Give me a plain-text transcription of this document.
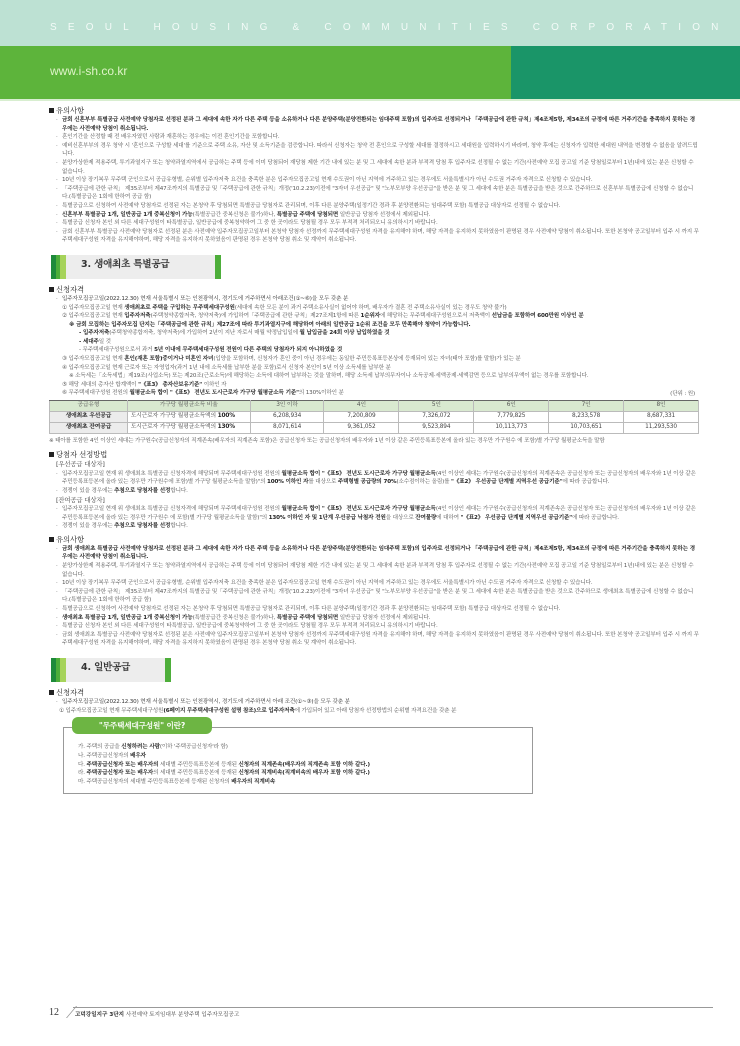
SEOUL HOUSING & COMMUNITIES CORPORATION
www.i-sh.co.kr
유의사항
· 금회 신혼부부 특별공급 사전예약 당첨자로 선정된 분과 그 세대에 속한 자가 다른 주택 등을 소유하거나 다른 분양주택(분양전환되는 임대주택 포함)의 입주자로 선정되거나 「주택공급에 관한 규칙」제4조제5항, 제34조의 규정에 따른 거주기간을 충족하지 못하는 경우에는 사전예약 당첨이 취소됩니다.
· 혼인기간을 산정할 때 전 배우자였던 사람과 재혼하는 경우에는 이전 혼인기간을 포함합니다.
· 예비신혼부부의 경우 청약 시 '혼인으로 구성할 세대'를 기준으로 주택 소유, 자산 및 소득기준을 검증합니다. 따라서 신청자는 청약 전 혼인으로 구성할 세대를 결정하시고 세대원을 입력하시기 바라며, 청약 후에는 신청자가 입력한 세대원 내역을 변경할 수 없음을 알려드립니다.
· 분양가상한제 적용주택, 투기과열지구 또는 청약과열지역에서 공급하는 주택 등에 이미 당첨되어 재당첨 제한 기간 내에 있는 분 및 그 세대에 속한 분과 부적격 당첨 후 입주자로 선정될 수 없는 기간(사전예약 모집 공고일 기준 당첨일로부터 1년)내에 있는 분은 신청할 수 없습니다.
· 10년 이상 장기복무 무주택 군인으로서 공급유형별, 순위별 입주자저축 요건을 충족한 분은 입주자모집공고일 현재 수도권이 아닌 지역에 거주하고 있는 경우에도 서울특별시가 아닌 수도권 거주자 자격으로 신청할 수 있습니다.
· 「주택공급에 관한 규칙」 제35조부터 제47조까지의 특별공급 및「주택공급에 관한 규칙」개정('10.2.23)이전에 "3자녀 우선공급" 및 "노부모부양 우선공급"을 받은 분 및 그 세대에 속한 분은 특별공급을 받은 것으로 간주하므로 신혼부부 특별공급에 신청할 수 없습니다.(특별공급은 1회에 한하여 공급 함)
· 특별공급으로 신청하여 사전예약 당첨자로 선정된 자는 본청약 후 당첨되면 특별공급 당첨자로 관리되며, 이후 다른 분양주택(일정기간 경과 후 분양전환되는 임대주택 포함) 특별공급 대상자로 선정될 수 없습니다.
· 신혼부부 특별공급 1개, 일반공급 1개 중복신청이 가능(특별공급간 중복신청은 불가)하나, 특별공급 주택에 당첨되면 일반공급 당첨자 선정에서 제외됩니다.
· 특별공급 신청자 본인 외 다른 세대구성원이 타특별공급, 일반공급에 중복청약하여 그 중 한 곳이라도 당첨될 경우 모두 부적격 처리되오니 유의하시기 바랍니다.
· 금회 신혼부부 특별공급 사전예약 당첨자로 선정된 분은 사전예약 입주자모집공고일부터 본청약 당첨자 선정까지 무주택세대구성원 자격을 유지해야 하며, 해당 자격을 유지하지 못하였음이 판명된 경우 사전예약 당첨이 취소됩니다. 또한 본청약 공고일부터 입주 시 까지 무주택세대구성원 자격을 유지해야하며, 해당 자격을 유지하지 못하였음이 판명된 경우 본청약 당첨 취소 및 계약이 취소됩니다.
3. 생애최초 특별공급
신청자격
· 입주자모집공고일(2022.12.30) 현재 서울특별시 또는 인천광역시, 경기도에 거주하면서 아래조건(①~⑥)을 모두 갖춘 분
① 입주자모집공고일 현재 생애최초로 주택을 구입하는 무주택세대구성원(세대에 속한 모든 분이 과거 주택소유사실이 없어야 하며, 배우자가 결혼 전 주택소유사실이 있는 경우도 청약 불가)
② 입주자모집공고일 현재 입주자저축(주택청약종합저축, 청약저축)에 가입하여「주택공급에 관한 규칙」제27조제1항에 따른 1순위자에 해당하는 무주택세대구성원으로서 저축액이 선납금을 포함하여 600만원 이상인 분
※ 금회 모집하는 입주자모집 단지는「주택공급에 관한 규칙」제27조에 따라 투기과열지구에 해당하여 아래의 일반공급 1순위 조건을 모두 만족해야 청약이 가능합니다.
- 입주자저축(주택청약종합저축, 청약저축)에 가입하여 2년이 지난 자로서 매월 약정납입일에 월 납입금을 24회 이상 납입하였을 것
- 세대주일 것
- 무주택세대구성원으로서 과거 5년 이내에 무주택세대구성원 전원이 다른 주택의 당첨자가 되지 아니하였을 것
③ 입주자모집공고일 현재 혼인(재혼 포함)중이거나 미혼인 자녀(입양을 포함하며, 신청자가 혼인 중이 아닌 경우에는 동일한 주민등록표등본상에 등재되어 있는 자녀(태아 포함)를 말함)가 있는 분
④ 입주자모집공고일 현재 근로자 또는 자영업자(과거 1년 내에 소득세를 납부한 분을 포함)로서 신청자 본인이 5년 이상 소득세를 납부한 분
※ 소득세는「소득세법」제19조(사업소득) 또는 제20조(근로소득)에 해당하는 소득에 대하여 납부하는 것을 말하며, 해당 소득세 납부의무자이나 소득공제·세액공제·세액감면 등으로 납부의무액이 없는 경우를 포함합니다.
⑤ 해당 세대의 총자산 합계액이 "《표3》 총자산보유기준" 이하인 자
⑥ 무주택세대구성원 전원의 월평균소득 합이 "《표5》 전년도 도시근로자 가구당 월평균소득 기준"의 130%이하인 분	(단위 : 원)
공급유형	가구당 월평균소득 비율	3인 이하	4인	5인	6인	7인	8인
생애최초 우선공급	도시근로자 가구당 월평균소득액의 100%	6,208,934	7,200,809	7,326,072	7,779,825	8,233,578	8,687,331
생애최초 잔여공급	도시근로자 가구당 월평균소득액의 130%	8,071,614	9,361,052	9,523,894	10,113,773	10,703,651	11,293,530
※ 태아를 포함한 4인 이상인 세대는 가구원수(공급신청자의 직계존속(배우자의 직계존속 포함)은 공급신청자 또는 공급신청자의 배우자와 1년 이상 같은 주민등록표등본에 올라 있는 경우만 가구원수 에 포함)별 가구당 월평균소득을 말함
당첨자 선정방법
[우선공급 대상자]
· 입주자모집공고일 현재 위 생애최초 특별공급 신청자격에 해당되며 무주택세대구성원 전원의 월평균소득 합이 "《표5》 전년도 도시근로자 가구당 월평균소득(4인 이상인 세대는 가구원수(공급신청자의 직계존속은 공급신청자 또는 공급신청자의 배우자와 1년 이상 같은 주민등록표등본에 올라 있는 경우만 가구원수에 포함)별 가구당 월평균소득을 말함)"의 100% 이하인 자를 대상으로 주택형별 공급량의 70%(소수점이하는 올림)를 "《표2》 우선공급 단계별 지역우선 공급기준"에 따라 공급합니다.
· 경쟁이 있을 경우에는 추첨으로 당첨자를 선정합니다.
[잔여공급 대상자]
· 입주자모집공고일 현재 위 생애최초 특별공급 신청자격에 해당되며 무주택세대구성원 전원의 월평균소득 합이 "《표5》 전년도 도시근로자 가구당 월평균소득(4인 이상인 세대는 가구원수(공급신청자의 직계존속은 공급신청자 또는 공급신청자의 배우자와 1년 이상 같은 주민등록표등본에 올라 있는 경우만 가구원수 에 포함)별 가구당 월평균소득을 말함)"의 130% 이하인 자 및 1단계 우선공급 낙첨자 전원을 대상으로 잔여물량에 대하여 "《표2》 우선공급 단계별 지역우선 공급기준"에 따라 공급합니다.
· 경쟁이 있을 경우에는 추첨으로 당첨자를 선정합니다.
유의사항
· 금회 생애최초 특별공급 사전예약 당첨자로 선정된 분과 그 세대에 속한 자가 다른 주택 등을 소유하거나 다른 분양주택(분양전환되는 임대주택 포함)의 입주자로 선정되거나 「주택공급에 관한 규칙」제4조제5항, 제34조의 규정에 따른 거주기간을 충족하지 못하는 경우에는 사전예약 당첨이 취소됩니다.
· 분양가상한제 적용주택, 투기과열지구 또는 청약과열지역에서 공급하는 주택 등에 이미 당첨되어 재당첨 제한 기간 내에 있는 분 및 그 세대에 속한 분과 부적격 당첨 후 입주자로 선정될 수 없는 기간(사전예약 모집 공고일 기준 당첨일로부터 1년)내에 있는 분은 신청할 수 없습니다.
· 10년 이상 장기복무 무주택 군인으로서 공급유형별, 순위별 입주자저축 요건을 충족한 분은 입주자모집공고일 현재 수도권이 아닌 지역에 거주하고 있는 경우에도 서울특별시가 아닌 수도권 거주자 자격으로 신청할 수 있습니다.
· 「주택공급에 관한 규칙」 제35조부터 제47조까지의 특별공급 및「주택공급에 관한 규칙」개정('10.2.23)이전에 "3자녀 우선공급" 및 "노부모부양 우선공급"을 받은 분 및 그 세대에 속한 분은 특별공급을 받은 것으로 간주하므로 생애최초 특별공급에 신청할 수 없습니다.(특별공급은 1회에 한하여 공급 함)
· 특별공급으로 신청하여 사전예약 당첨자로 선정된 자는 본청약 후 당첨되면 특별공급 당첨자로 관리되며, 이후 다른 분양주택(일정기간 경과 후 분양전환되는 임대주택 포함) 특별공급 대상자로 선정될 수 없습니다.
· 생애최초 특별공급 1개, 일반공급 1개 중복신청이 가능(특별공급간 중복신청은 불가)하나, 특별공급 주택에 당첨되면 일반공급 당첨자 선정에서 제외됩니다.
· 특별공급 신청자 본인 외 다른 세대구성원이 타특별공급, 일반공급에 중복청약하여 그 중 한 곳이라도 당첨될 경우 모두 부적격 처리되오니 유의하시기 바랍니다.
· 금회 생애최초 특별공급 사전예약 당첨자로 선정된 분은 사전예약 입주자모집공고일부터 본청약 당첨자 선정까지 무주택세대구성원 자격을 유지해야 하며, 해당 자격을 유지하지 못하였음이 판명된 경우 사전예약 당첨이 취소됩니다. 또한 본청약 공고일부터 입주 시 까지 무주택세대구성원 자격을 유지해야하며, 해당 자격을 유지하지 못하였음이 판명된 경우 본청약 당첨 취소 및 계약이 취소됩니다.
4. 일반공급
신청자격
· 입주자모집공고일(2022.12.30) 현재 서울특별시 또는 인천광역시, 경기도에 거주하면서 아래 조건(①~③)을 모두 갖춘 분
① 입주자모집공고일 현재 무주택세대구성원(6페이지 무주택세대구성원 설명 참조)으로 입주자저축에 가입되어 있고 아래 당첨자 선정방법의 순위별 자격요건을 갖춘 분
"무주택세대구성원" 이란?
가. 주택의 공급을 신청하려는 사람(이하 '주택공급신청자'라 함)
나. 주택공급신청자의 배우자
다. 주택공급신청자 또는 배우자의 세대별 주민등록표등본에 등재된 신청자의 직계존속(배우자의 직계존속 포함 이하 같다.)
라. 주택공급신청자 또는 배우자의 세대별 주민등록표등본에 등재된 신청자의 직계비속(직계비속의 배우자 포함 이하 같다.)
마. 주택공급신청자의 세대별 주민등록표등본에 등재된 신청자의 배우자의 직계비속
12	고덕강일지구 3단지 사전예약 토지임대부 분양주택 입주자모집공고
